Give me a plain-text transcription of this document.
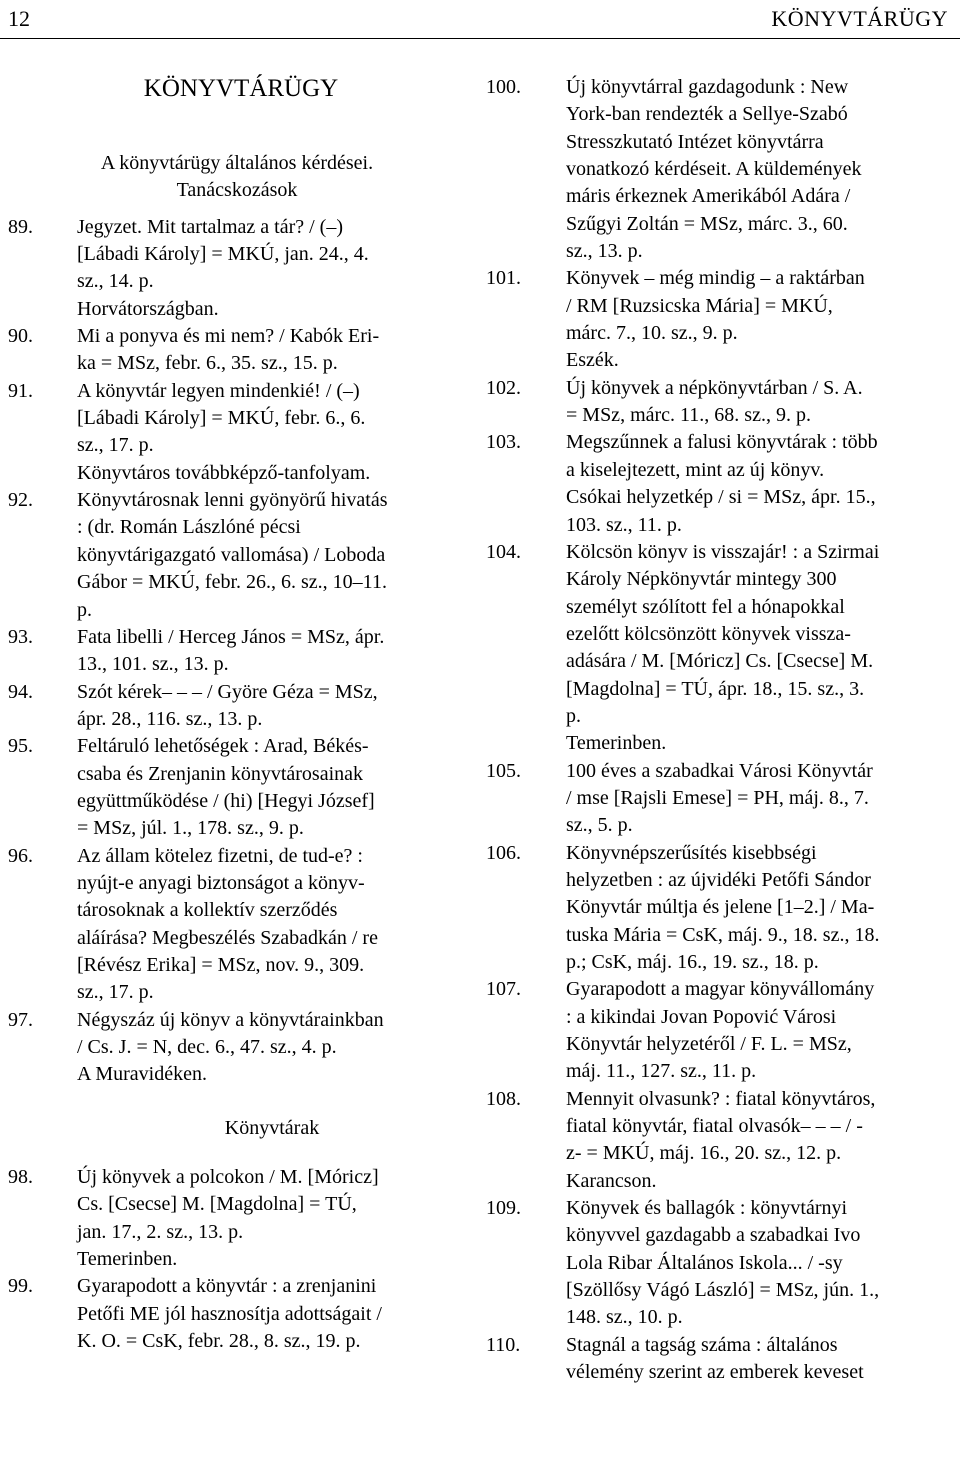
12	KÖNYVTÁRÜGY
KÖNYVTÁRÜGY
A könyvtárügy általános kérdései.
Tanácskozások
89.	Jegyzet. Mit tartalmaz a tár? / (–)
[Lábadi Károly] = MKÚ, jan. 24., 4.
sz., 14. p.
Horvátországban.
90.	Mi a ponyva és mi nem? / Kabók Eri-
ka = MSz, febr. 6., 35. sz., 15. p.
91.	A könyvtár legyen mindenkié! / (–)
[Lábadi Károly] = MKÚ, febr. 6., 6.
sz., 17. p.
Könyvtáros továbbképző-tanfolyam.
92.	Könyvtárosnak lenni gyönyörű hivatás
: (dr. Román Lászlóné pécsi
könyvtárigazgató vallomása) / Loboda
Gábor = MKÚ, febr. 26., 6. sz., 10–11.
p.
93.	Fata libelli / Herceg János = MSz, ápr.
13., 101. sz., 13. p.
94.	Szót kérek– – – / Györe Géza = MSz,
ápr. 28., 116. sz., 13. p.
95.	Feltáruló lehetőségek : Arad, Békés-
csaba és Zrenjanin könyvtárosainak
együttműködése / (hi) [Hegyi József]
= MSz, júl. 1., 178. sz., 9. p.
96.	Az állam kötelez fizetni, de tud-e? :
nyújt-e anyagi biztonságot a könyv-
tárosoknak a kollektív szerződés
aláírása? Megbeszélés Szabadkán / re
[Révész Erika] = MSz, nov. 9., 309.
sz., 17. p.
97.	Négyszáz új könyv a könyvtárainkban
/ Cs. J. = N, dec. 6., 47. sz., 4. p.
A Muravidéken.
Könyvtárak
98.	Új könyvek a polcokon / M. [Móricz]
Cs. [Csecse] M. [Magdolna] = TÚ,
jan. 17., 2. sz., 13. p.
Temerinben.
99.	Gyarapodott a könyvtár : a zrenjanini
Petőfi ME jól hasznosítja adottságait /
K. O. = CsK, febr. 28., 8. sz., 19. p.
100.	Új könyvtárral gazdagodunk : New
York-ban rendezték a Sellye-Szabó
Stresszkutató Intézet könyvtárra
vonatkozó kérdéseit. A küldemények
máris érkeznek Amerikából Adára /
Szűgyi Zoltán = MSz, márc. 3., 60.
sz., 13. p.
101.	Könyvek – még mindig – a raktárban
/ RM [Ruzsicska Mária] = MKÚ,
márc. 7., 10. sz., 9. p.
Eszék.
102.	Új könyvek a népkönyvtárban / S. A.
= MSz, márc. 11., 68. sz., 9. p.
103.	Megszűnnek a falusi könyvtárak : több
a kiselejtezett, mint az új könyv.
Csókai helyzetkép / si = MSz, ápr. 15.,
103. sz., 11. p.
104.	Kölcsön könyv is visszajár! : a Szirmai
Károly Népkönyvtár mintegy 300
személyt szólított fel a hónapokkal
ezelőtt kölcsönzött könyvek vissza-
adására / M. [Móricz] Cs. [Csecse] M.
[Magdolna] = TÚ, ápr. 18., 15. sz., 3.
p.
Temerinben.
105.	100 éves a szabadkai Városi Könyvtár
/ mse [Rajsli Emese] = PH, máj. 8., 7.
sz., 5. p.
106.	Könyvnépszerűsítés kisebbségi
helyzetben : az újvidéki Petőfi Sándor
Könyvtár múltja és jelene [1–2.] / Ma-
tuska Mária = CsK, máj. 9., 18. sz., 18.
p.; CsK, máj. 16., 19. sz., 18. p.
107.	Gyarapodott a magyar könyvállomány
: a kikindai Jovan Popović Városi
Könyvtár helyzetéről / F. L. = MSz,
máj. 11., 127. sz., 11. p.
108.	Mennyit olvasunk? : fiatal könyvtáros,
fiatal könyvtár, fiatal olvasók– – – / -
z- = MKÚ, máj. 16., 20. sz., 12. p.
Karancson.
109.	Könyvek és ballagók : könyvtárnyi
könyvvel gazdagabb a szabadkai Ivo
Lola Ribar Általános Iskola... / -sy
[Szöllősy Vágó László] = MSz, jún. 1.,
148. sz., 10. p.
110.	Stagnál a tagság száma : általános
vélemény szerint az emberek keveset
